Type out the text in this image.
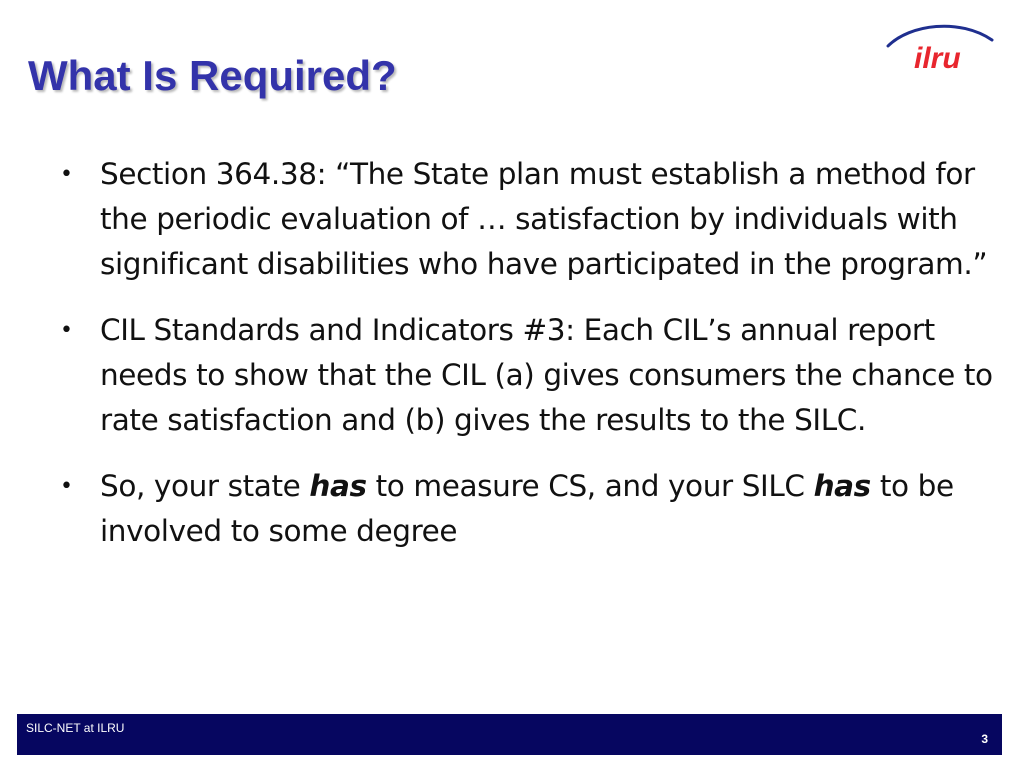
What Is Required?	ilru
• Section 364.38: “The State plan must establish a method for the periodic evaluation of … satisfaction by individuals with significant disabilities who have participated in the program.”
• CIL Standards and Indicators #3: Each CIL’s annual report needs to show that the CIL (a) gives consumers the chance to rate satisfaction and (b) gives the results to the SILC.
• So, your state has to measure CS, and your SILC has to be involved to some degree
SILC-NET at ILRU
3
